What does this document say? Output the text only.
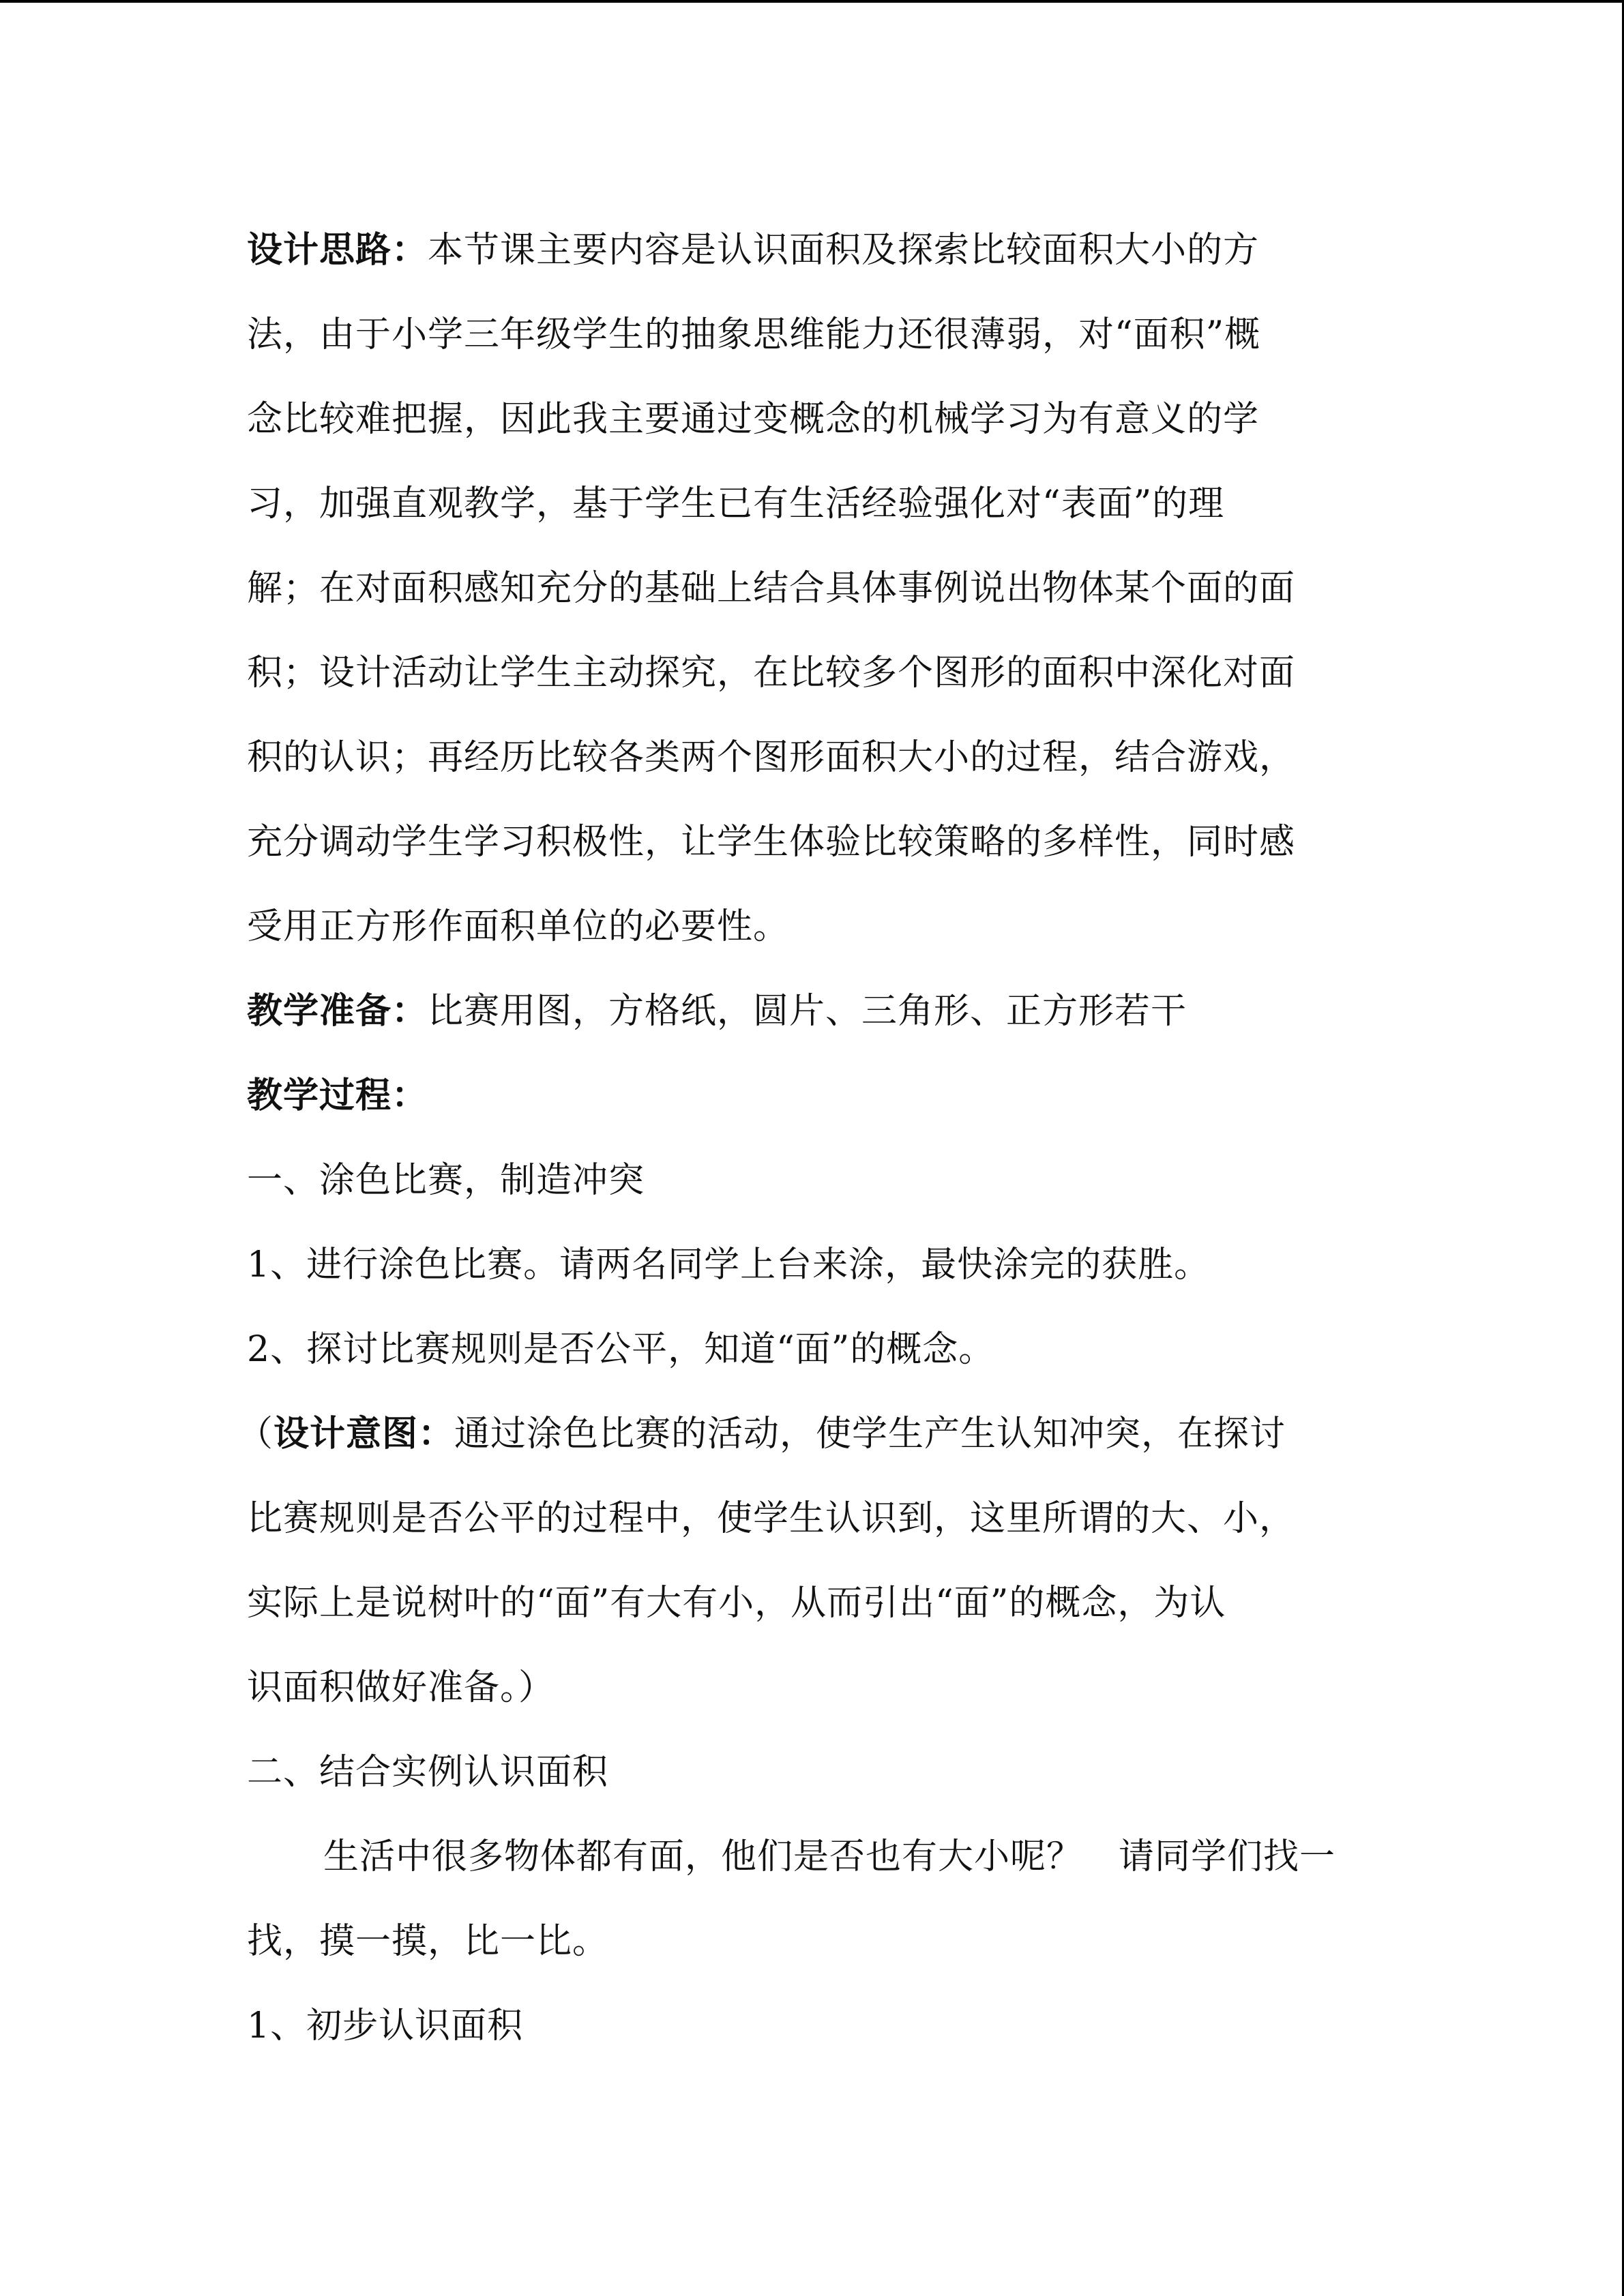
设计思路：本节课主要内容是认识面积及探索比较面积大小的方
法，由于小学三年级学生的抽象思维能力还很薄弱，对“面积”概
念比较难把握，因此我主要通过变概念的机械学习为有意义的学
习，加强直观教学，基于学生已有生活经验强化对“表面”的理
解；在对面积感知充分的基础上结合具体事例说出物体某个面的面
积；设计活动让学生主动探究，在比较多个图形的面积中深化对面
积的认识；再经历比较各类两个图形面积大小的过程，结合游戏，
充分调动学生学习积极性，让学生体验比较策略的多样性，同时感
受用正方形作面积单位的必要性。
教学准备：比赛用图，方格纸，圆片、三角形、正方形若干
教学过程：
一、涂色比赛，制造冲突
1、进行涂色比赛。请两名同学上台来涂，最快涂完的获胜。
2、探讨比赛规则是否公平，知道“面”的概念。
（设计意图：通过涂色比赛的活动，使学生产生认知冲突，在探讨
比赛规则是否公平的过程中，使学生认识到，这里所谓的大、小，
实际上是说树叶的“面”有大有小，从而引出“面”的概念，为认
识面积做好准备。）
二、结合实例认识面积
生活中很多物体都有面，他们是否也有大小呢？　请同学们找一
找，摸一摸，比一比。
1、初步认识面积
